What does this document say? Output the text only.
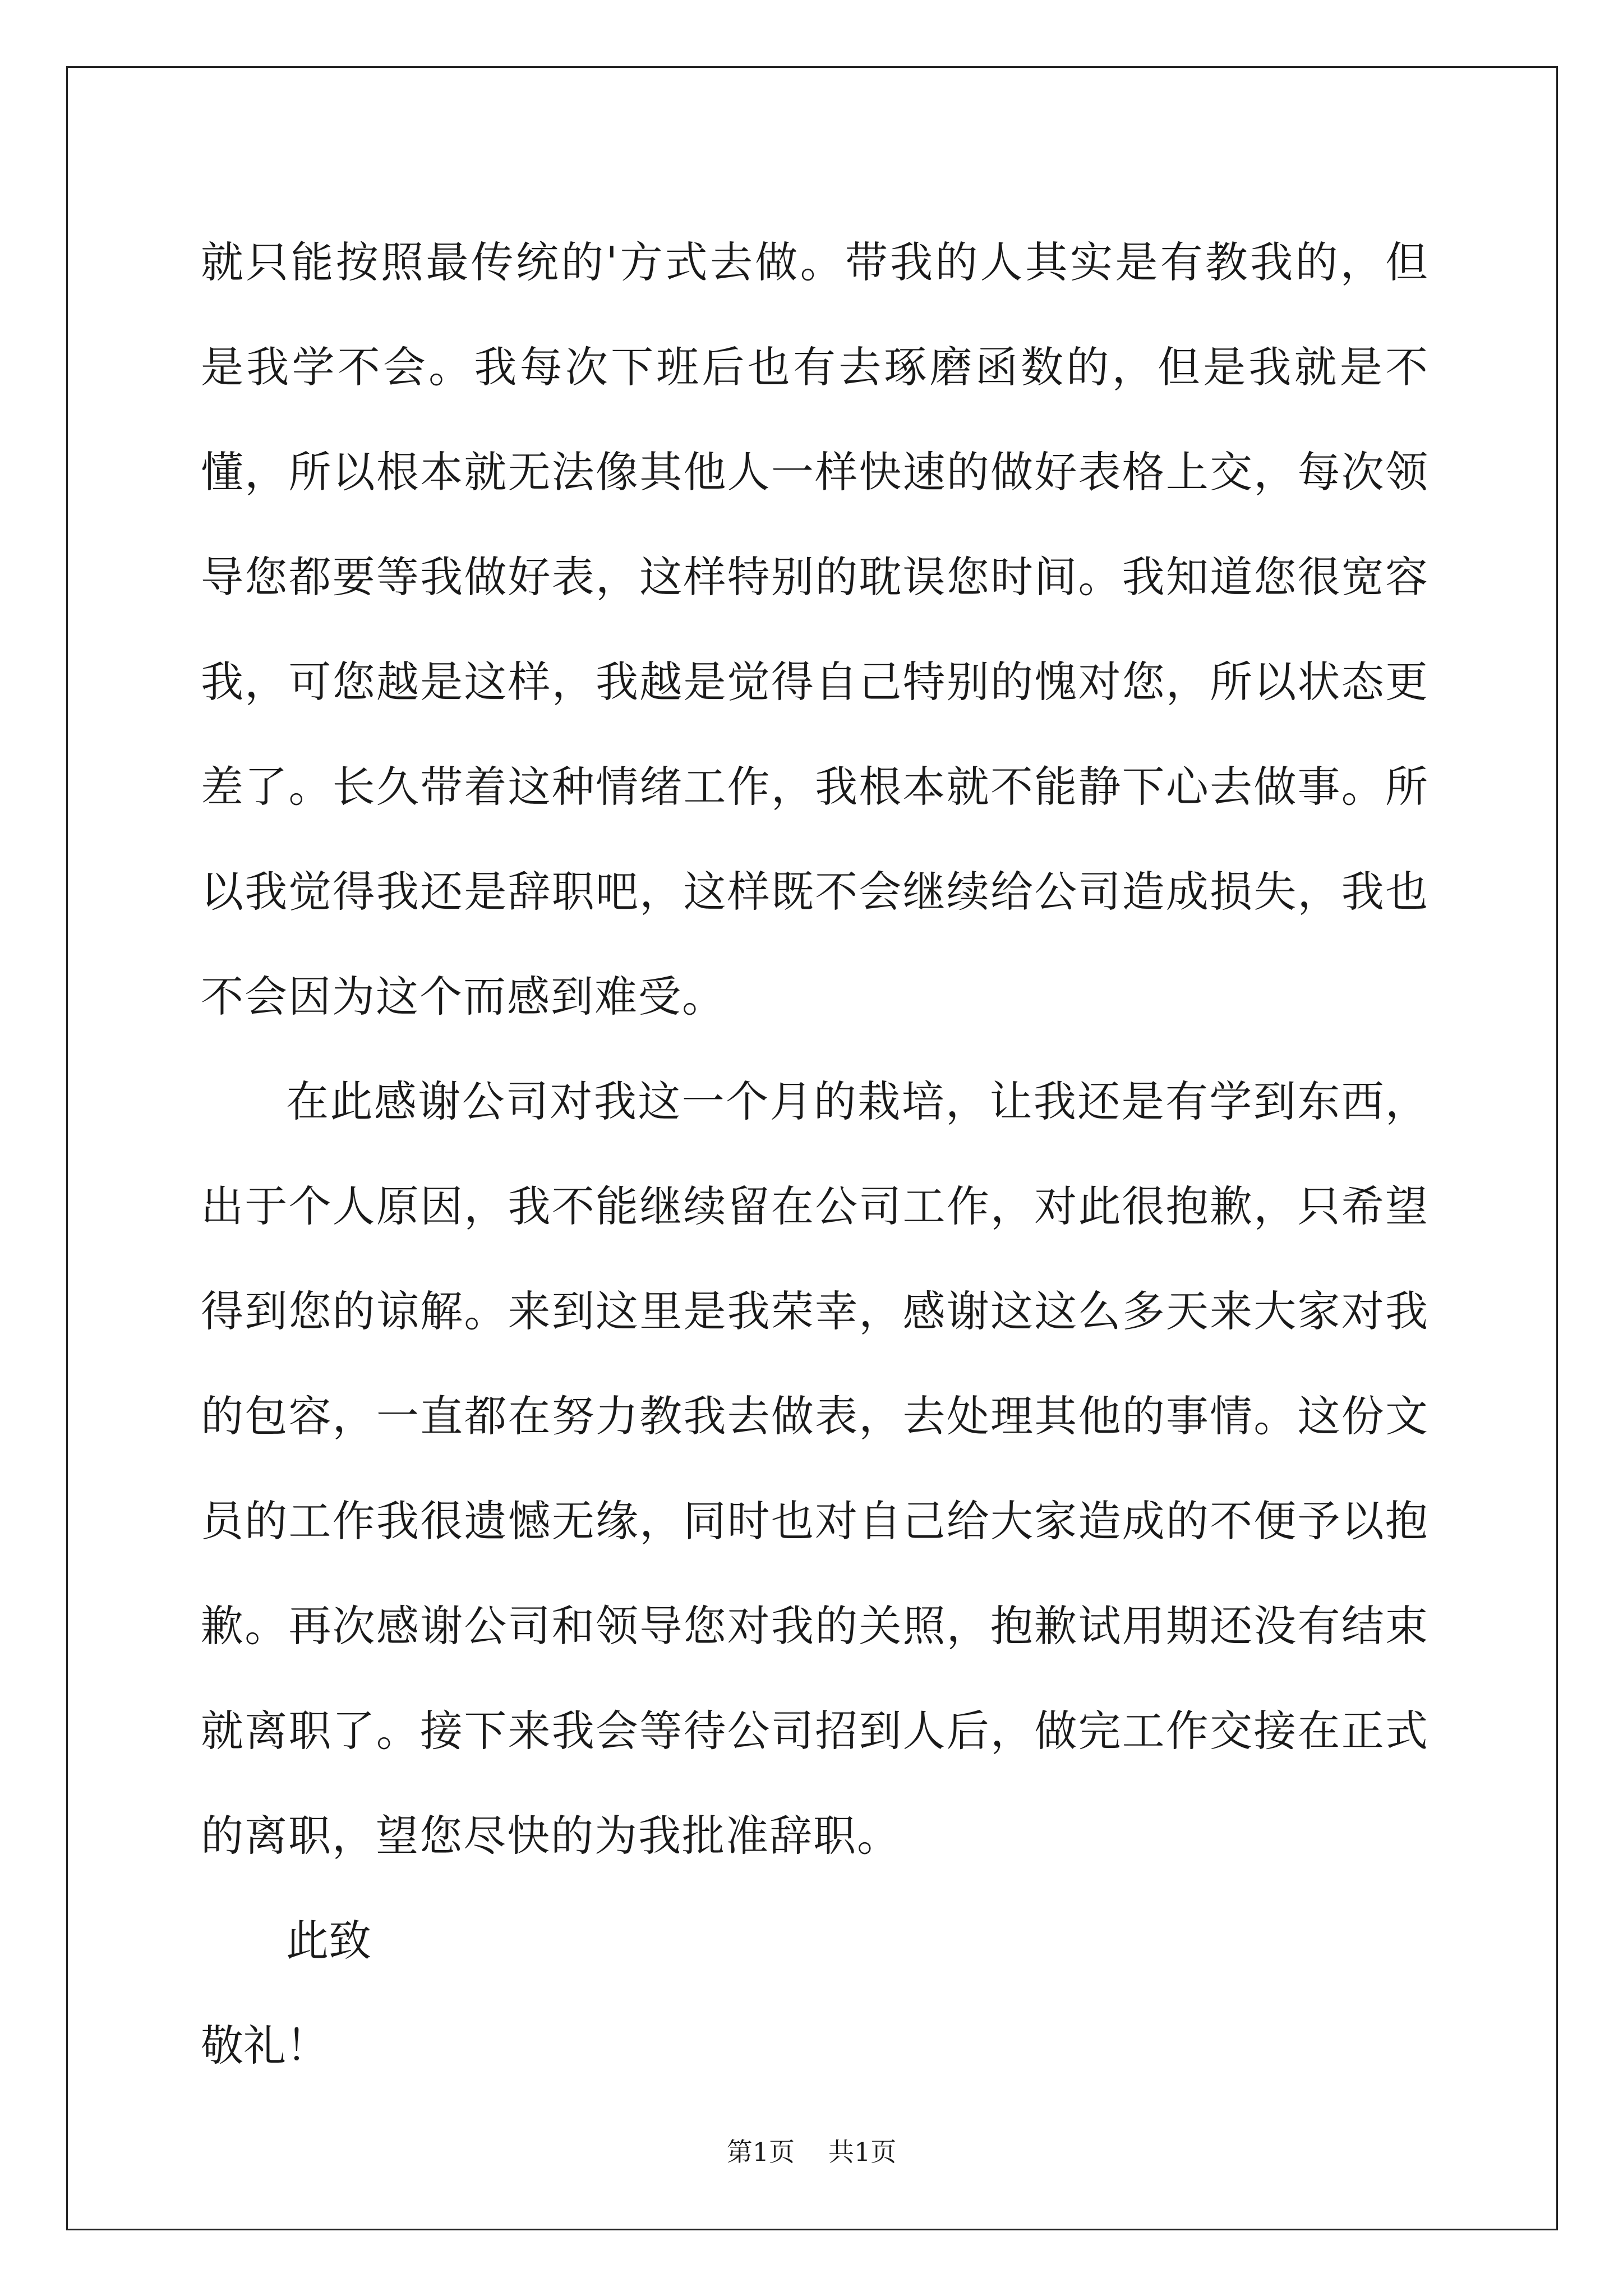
就只能按照最传统的'方式去做。带我的人其实是有教我的，但是我学不会。我每次下班后也有去琢磨函数的，但是我就是不懂，所以根本就无法像其他人一样快速的做好表格上交，每次领导您都要等我做好表，这样特别的耽误您时间。我知道您很宽容我，可您越是这样，我越是觉得自己特别的愧对您，所以状态更差了。长久带着这种情绪工作，我根本就不能静下心去做事。所以我觉得我还是辞职吧，这样既不会继续给公司造成损失，我也不会因为这个而感到难受。

在此感谢公司对我这一个月的栽培，让我还是有学到东西，出于个人原因，我不能继续留在公司工作，对此很抱歉，只希望得到您的谅解。来到这里是我荣幸，感谢这这么多天来大家对我的包容，一直都在努力教我去做表，去处理其他的事情。这份文员的工作我很遗憾无缘，同时也对自己给大家造成的不便予以抱歉。再次感谢公司和领导您对我的关照，抱歉试用期还没有结束就离职了。接下来我会等待公司招到人后，做完工作交接在正式的离职，望您尽快的为我批准辞职。

此致

敬礼！

第1页 共1页
